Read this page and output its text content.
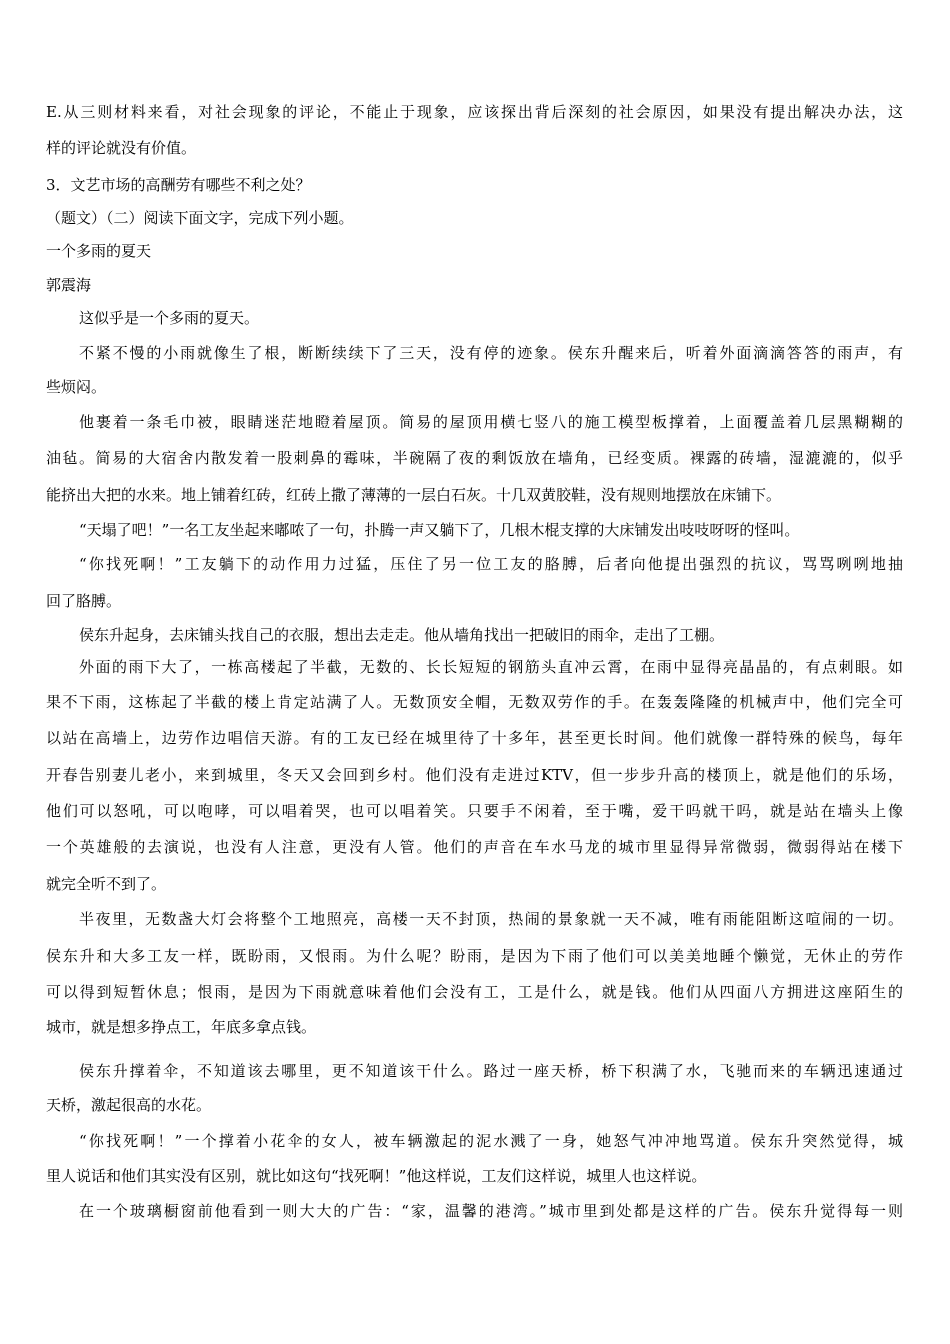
E.从三则材料来看，对社会现象的评论，不能止于现象，应该探出背后深刻的社会原因，如果没有提出解决办法，这
样的评论就没有价值。
3．文艺市场的高酬劳有哪些不利之处？
（题文）（二）阅读下面文字，完成下列小题。
一个多雨的夏天
郭震海
这似乎是一个多雨的夏天。
不紧不慢的小雨就像生了根，断断续续下了三天，没有停的迹象。侯东升醒来后，听着外面滴滴答答的雨声，有
些烦闷。
他裹着一条毛巾被，眼睛迷茫地瞪着屋顶。简易的屋顶用横七竖八的施工模型板撑着，上面覆盖着几层黑糊糊的
油毡。简易的大宿舍内散发着一股刺鼻的霉味，半碗隔了夜的剩饭放在墙角，已经变质。裸露的砖墙，湿漉漉的，似乎
能挤出大把的水来。地上铺着红砖，红砖上撒了薄薄的一层白石灰。十几双黄胶鞋，没有规则地摆放在床铺下。
“天塌了吧！”一名工友坐起来嘟哝了一句，扑腾一声又躺下了，几根木棍支撑的大床铺发出吱吱呀呀的怪叫。
“你找死啊！”工友躺下的动作用力过猛，压住了另一位工友的胳膊，后者向他提出强烈的抗议，骂骂咧咧地抽
回了胳膊。
侯东升起身，去床铺头找自己的衣服，想出去走走。他从墙角找出一把破旧的雨伞，走出了工棚。
外面的雨下大了，一栋高楼起了半截，无数的、长长短短的钢筋头直冲云霄，在雨中显得亮晶晶的，有点刺眼。如
果不下雨，这栋起了半截的楼上肯定站满了人。无数顶安全帽，无数双劳作的手。在轰轰隆隆的机械声中，他们完全可
以站在高墙上，边劳作边唱信天游。有的工友已经在城里待了十多年，甚至更长时间。他们就像一群特殊的候鸟，每年
开春告别妻儿老小，来到城里，冬天又会回到乡村。他们没有走进过KTV，但一步步升高的楼顶上，就是他们的乐场，
他们可以怒吼，可以咆哮，可以唱着哭，也可以唱着笑。只要手不闲着，至于嘴，爱干吗就干吗，就是站在墙头上像
一个英雄般的去演说，也没有人注意，更没有人管。他们的声音在车水马龙的城市里显得异常微弱，微弱得站在楼下
就完全听不到了。
半夜里，无数盏大灯会将整个工地照亮，高楼一天不封顶，热闹的景象就一天不减，唯有雨能阻断这喧闹的一切。
侯东升和大多工友一样，既盼雨，又恨雨。为什么呢？盼雨，是因为下雨了他们可以美美地睡个懒觉，无休止的劳作
可以得到短暂休息；恨雨，是因为下雨就意味着他们会没有工，工是什么，就是钱。他们从四面八方拥进这座陌生的
城市，就是想多挣点工，年底多拿点钱。
侯东升撑着伞，不知道该去哪里，更不知道该干什么。路过一座天桥，桥下积满了水，飞驰而来的车辆迅速通过
天桥，激起很高的水花。
“你找死啊！”一个撑着小花伞的女人，被车辆激起的泥水溅了一身，她怒气冲冲地骂道。侯东升突然觉得，城
里人说话和他们其实没有区别，就比如这句“找死啊！”他这样说，工友们这样说，城里人也这样说。
在一个玻璃橱窗前他看到一则大大的广告：“家，温馨的港湾。”城市里到处都是这样的广告。侯东升觉得每一则
